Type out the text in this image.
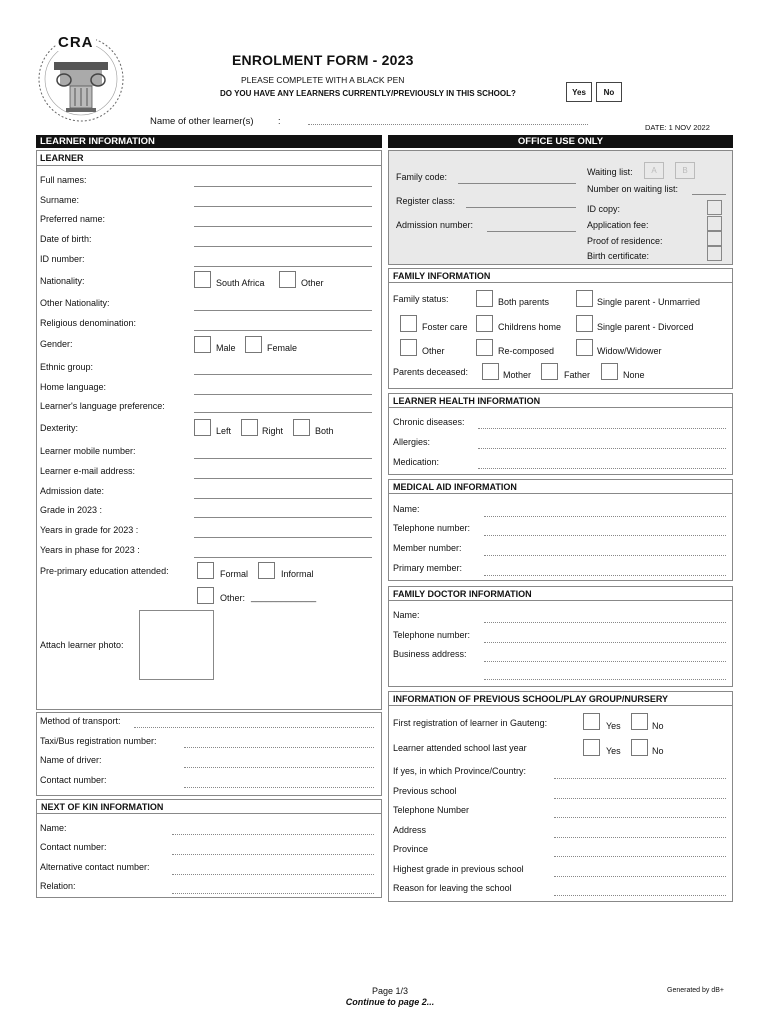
CRA
ENROLMENT FORM - 2023
PLEASE COMPLETE WITH A BLACK PEN
DO YOU HAVE ANY LEARNERS CURRENTLY/PREVIOUSLY IN THIS SCHOOL?	Yes	No
Name of other learner(s)	:
DATE: 1 NOV 2022
LEARNER INFORMATION
LEARNER
Full names:
Surname:
Preferred name:
Date of birth:
ID number:
Nationality:	South Africa	Other
Other Nationality:
Religious denomination:
Gender:	Male	Female
Ethnic group:
Home language:
Learner's language preference:
Dexterity:	Left	Right	Both
Learner mobile number:
Learner e-mail address:
Admission date:
Grade in 2023 :
Years in grade for 2023 :
Years in phase for 2023 :
Pre-primary education attended:	Formal	Informal
Other: _____________
Attach learner photo:
Method of transport:
Taxi/Bus registration number:
Name of driver:
Contact number:
NEXT OF KIN INFORMATION
Name:
Contact number:
Alternative contact number:
Relation:
OFFICE USE ONLY
Family code:
Register class:
Admission number:
Waiting list:	A	B
Number on waiting list:
ID copy:
Application fee:
Proof of residence:
Birth certificate:
FAMILY INFORMATION
Family status:	Both parents	Single parent - Unmarried
Foster care	Childrens home	Single parent - Divorced
Other	Re-composed	Widow/Widower
Parents deceased:	Mother	Father	None
LEARNER HEALTH INFORMATION
Chronic diseases:
Allergies:
Medication:
MEDICAL AID INFORMATION
Name:
Telephone number:
Member number:
Primary member:
FAMILY DOCTOR INFORMATION
Name:
Telephone number:
Business address:
INFORMATION OF PREVIOUS SCHOOL/PLAY GROUP/NURSERY
First registration of learner in Gauteng:	Yes	No
Learner attended school last year	Yes	No
If yes, in which Province/Country:
Previous school
Telephone Number
Address
Province
Highest grade in previous school
Reason for leaving the school
Page 1/3
Continue to page 2...
Generated by dB+
